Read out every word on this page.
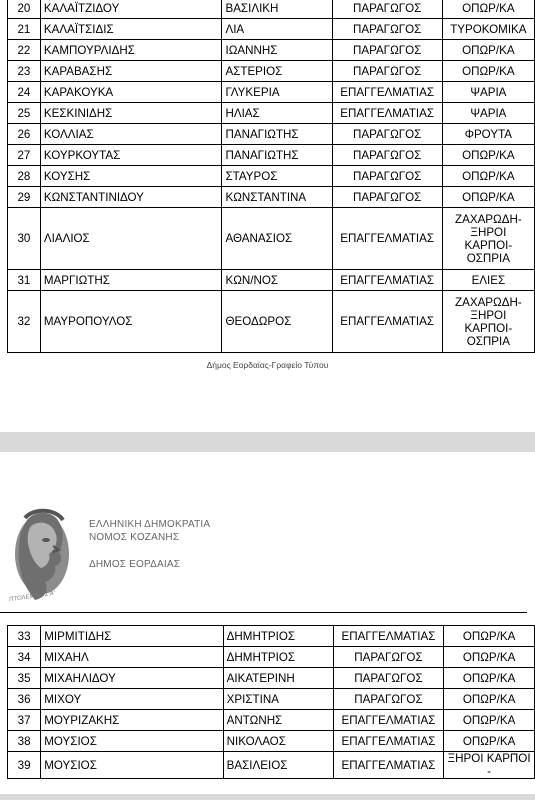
20	ΚΑΛΑΪΤΖΙΔΟΥ	ΒΑΣΙΛΙΚΗ	ΠΑΡΑΓΩΓΟΣ	ΟΠΩΡ/ΚΑ
21	ΚΑΛΑΪΤΣΙΔΙΣ	ΛΙΑ	ΠΑΡΑΓΩΓΟΣ	ΤΥΡΟΚΟΜΙΚΑ
22	ΚΑΜΠΟΥΡΛΙΔΗΣ	ΙΩΑΝΝΗΣ	ΠΑΡΑΓΩΓΟΣ	ΟΠΩΡ/ΚΑ
23	ΚΑΡΑΒΑΣΗΣ	ΑΣΤΕΡΙΟΣ	ΠΑΡΑΓΩΓΟΣ	ΟΠΩΡ/ΚΑ
24	ΚΑΡΑΚΟΥΚΑ	ΓΛΥΚΕΡΙΑ	ΕΠΑΓΓΕΛΜΑΤΙΑΣ	ΨΑΡΙΑ
25	ΚΕΣΚΙΝΙΔΗΣ	ΗΛΙΑΣ	ΕΠΑΓΓΕΛΜΑΤΙΑΣ	ΨΑΡΙΑ
26	ΚΟΛΛΙΑΣ	ΠΑΝΑΓΙΩΤΗΣ	ΠΑΡΑΓΩΓΟΣ	ΦΡΟΥΤΑ
27	ΚΟΥΡΚΟΥΤΑΣ	ΠΑΝΑΓΙΩΤΗΣ	ΠΑΡΑΓΩΓΟΣ	ΟΠΩΡ/ΚΑ
28	ΚΟΥΣΗΣ	ΣΤΑΥΡΟΣ	ΠΑΡΑΓΩΓΟΣ	ΟΠΩΡ/ΚΑ
29	ΚΩΝΣΤΑΝΤΙΝΙΔΟΥ	ΚΩΝΣΤΑΝΤΙΝΑ	ΠΑΡΑΓΩΓΟΣ	ΟΠΩΡ/ΚΑ
30	ΛΙΑΛΙΟΣ	ΑΘΑΝΑΣΙΟΣ	ΕΠΑΓΓΕΛΜΑΤΙΑΣ	ΖΑΧΑΡΩΔΗ-ΞΗΡΟΙ ΚΑΡΠΟΙ-ΟΣΠΡΙΑ
31	ΜΑΡΓΙΩΤΗΣ	ΚΩΝ/ΝΟΣ	ΕΠΑΓΓΕΛΜΑΤΙΑΣ	ΕΛΙΕΣ
32	ΜΑΥΡΟΠΟΥΛΟΣ	ΘΕΟΔΩΡΟΣ	ΕΠΑΓΓΕΛΜΑΤΙΑΣ	ΖΑΧΑΡΩΔΗ-ΞΗΡΟΙ ΚΑΡΠΟΙ-ΟΣΠΡΙΑ
Δήμος Εορδαίας-Γραφείο Τύπου
ΠΤΟΛΕΜΑΙΟΣ Α'
ΕΛΛΗΝΙΚΗ ΔΗΜΟΚΡΑΤΙΑ
ΝΟΜΟΣ ΚΟΖΑΝΗΣ
ΔΗΜΟΣ ΕΟΡΔΑΙΑΣ
33	ΜΙΡΜΙΤΙΔΗΣ	ΔΗΜΗΤΡΙΟΣ	ΕΠΑΓΓΕΛΜΑΤΙΑΣ	ΟΠΩΡ/ΚΑ
34	ΜΙΧΑΗΛ	ΔΗΜΗΤΡΙΟΣ	ΠΑΡΑΓΩΓΟΣ	ΟΠΩΡ/ΚΑ
35	ΜΙΧΑΗΛΙΔΟΥ	ΑΙΚΑΤΕΡΙΝΗ	ΠΑΡΑΓΩΓΟΣ	ΟΠΩΡ/ΚΑ
36	ΜΙΧΟΥ	ΧΡΙΣΤΙΝΑ	ΠΑΡΑΓΩΓΟΣ	ΟΠΩΡ/ΚΑ
37	ΜΟΥΡΙΖΑΚΗΣ	ΑΝΤΩΝΗΣ	ΕΠΑΓΓΕΛΜΑΤΙΑΣ	ΟΠΩΡ/ΚΑ
38	ΜΟΥΣΙΟΣ	ΝΙΚΟΛΑΟΣ	ΕΠΑΓΓΕΛΜΑΤΙΑΣ	ΟΠΩΡ/ΚΑ
39	ΜΟΥΣΙΟΣ	ΒΑΣΙΛΕΙΟΣ	ΕΠΑΓΓΕΛΜΑΤΙΑΣ	ΞΗΡΟΙ ΚΑΡΠΟΙ -
